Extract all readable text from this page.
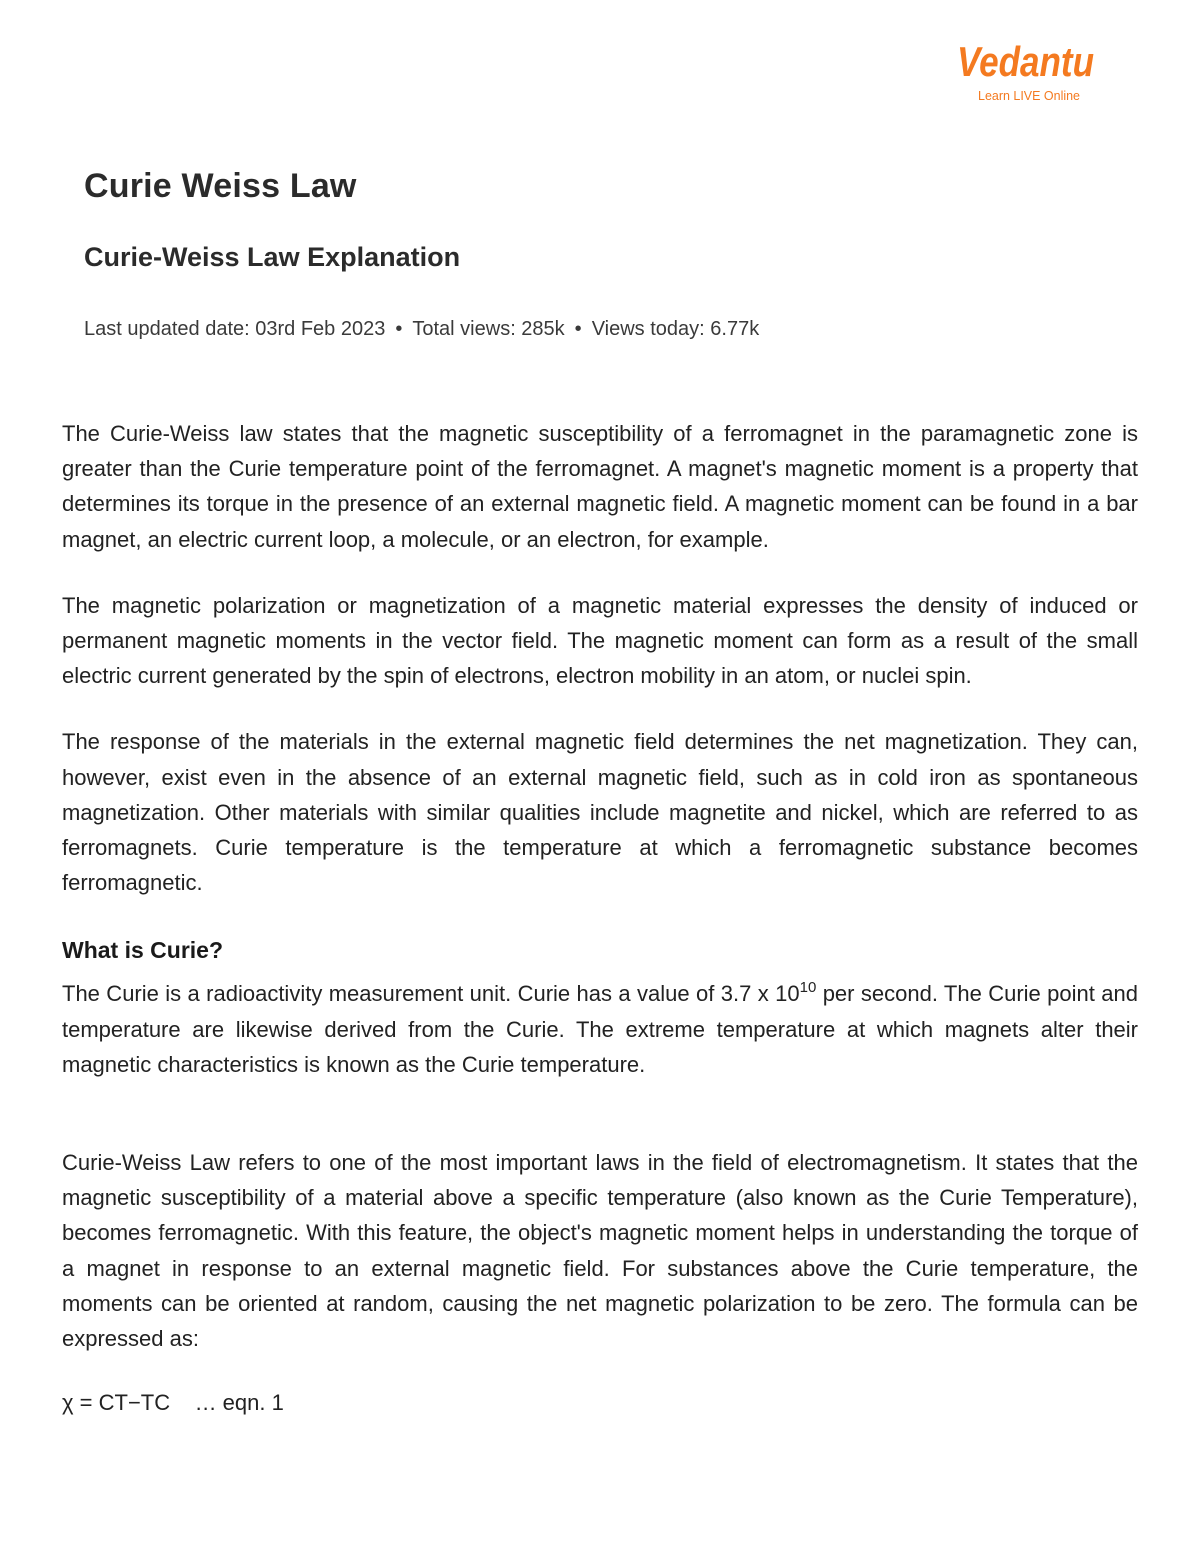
Vedantu
Learn LIVE Online
Curie Weiss Law
Curie-Weiss Law Explanation
Last updated date: 03rd Feb 2023 • Total views: 285k • Views today: 6.77k

The Curie-Weiss law states that the magnetic susceptibility of a ferromagnet in the paramagnetic zone is greater than the Curie temperature point of the ferromagnet. A magnet's magnetic moment is a property that determines its torque in the presence of an external magnetic field. A magnetic moment can be found in a bar magnet, an electric current loop, a molecule, or an electron, for example.

The magnetic polarization or magnetization of a magnetic material expresses the density of induced or permanent magnetic moments in the vector field. The magnetic moment can form as a result of the small electric current generated by the spin of electrons, electron mobility in an atom, or nuclei spin.

The response of the materials in the external magnetic field determines the net magnetization. They can, however, exist even in the absence of an external magnetic field, such as in cold iron as spontaneous magnetization. Other materials with similar qualities include magnetite and nickel, which are referred to as ferromagnets. Curie temperature is the temperature at which a ferromagnetic substance becomes ferromagnetic.

What is Curie?

The Curie is a radioactivity measurement unit. Curie has a value of 3.7 x $10^{10}$ per second. The Curie point and temperature are likewise derived from the Curie. The extreme temperature at which magnets alter their magnetic characteristics is known as the Curie temperature.

Curie-Weiss Law refers to one of the most important laws in the field of electromagnetism. It states that the magnetic susceptibility of a material above a specific temperature (also known as the Curie Temperature), becomes ferromagnetic. With this feature, the object's magnetic moment helps in understanding the torque of a magnet in response to an external magnetic field. For substances above the Curie temperature, the moments can be oriented at random, causing the net magnetic polarization to be zero. The formula can be expressed as:

χ = CT−TC    … eqn. 1
